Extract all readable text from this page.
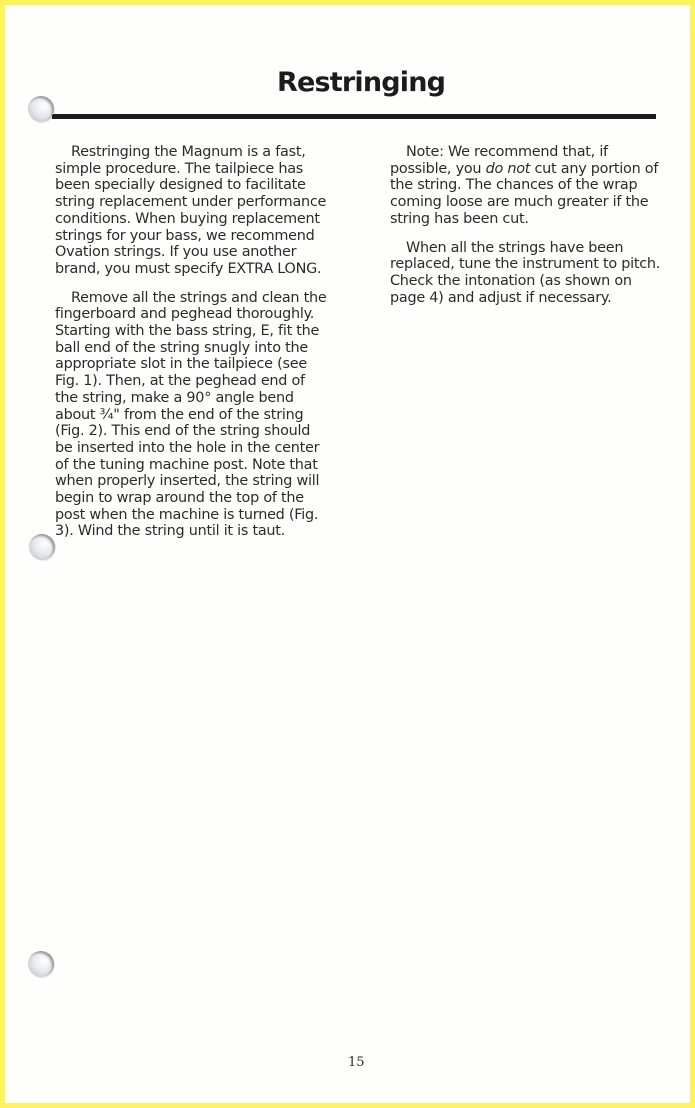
Restringing

Restringing the Magnum is a fast, simple procedure. The tailpiece has been specially designed to facilitate string replacement under performance conditions. When buying replacement strings for your bass, we recommend Ovation strings. If you use another brand, you must specify EXTRA LONG.

Remove all the strings and clean the fingerboard and peghead thoroughly. Starting with the bass string, E, fit the ball end of the string snugly into the appropriate slot in the tailpiece (see Fig. 1). Then, at the peghead end of the string, make a 90° angle bend about ¾" from the end of the string (Fig. 2). This end of the string should be inserted into the hole in the center of the tuning machine post. Note that when properly inserted, the string will begin to wrap around the top of the post when the machine is turned (Fig. 3). Wind the string until it is taut.

Note: We recommend that, if possible, you do not cut any portion of the string. The chances of the wrap coming loose are much greater if the string has been cut.

When all the strings have been replaced, tune the instrument to pitch. Check the intonation (as shown on page 4) and adjust if necessary.

15
